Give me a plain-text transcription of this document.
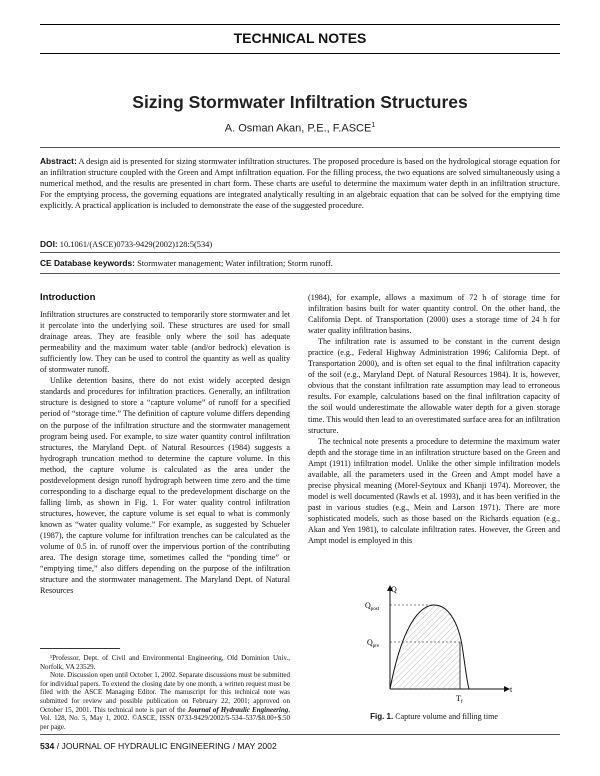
TECHNICAL NOTES
Sizing Stormwater Infiltration Structures
A. Osman Akan, P.E., F.ASCE$^1$
Abstract: A design aid is presented for sizing stormwater infiltration structures. The proposed procedure is based on the hydrological storage equation for an infiltration structure coupled with the Green and Ampt infiltration equation. For the filling process, the two equations are solved simultaneously using a numerical method, and the results are presented in chart form. These charts are useful to determine the maximum water depth in an infiltration structure. For the emptying process, the governing equations are integrated analytically resulting in an algebraic equation that can be solved for the emptying time explicitly. A practical application is included to demonstrate the ease of the suggested procedure.
DOI: 10.1061/(ASCE)0733-9429(2002)128:5(534)
CE Database keywords: Stormwater management; Water infiltration; Storm runoff.
Introduction

Infiltration structures are constructed to temporarily store stormwater and let it percolate into the underlying soil. These structures are used for small drainage areas. They are feasible only where the soil has adequate permeability and the maximum water table (and/or bedrock) elevation is sufficiently low. They can be used to control the quantity as well as quality of stormwater runoff.

Unlike detention basins, there do not exist widely accepted design standards and procedures for infiltration practices. Generally, an infiltration structure is designed to store a “capture volume” of runoff for a specified period of “storage time.” The definition of capture volume differs depending on the purpose of the infiltration structure and the stormwater management program being used. For example, to size water quantity control infiltration structures, the Maryland Dept. of Natural Resources (1984) suggests a hydrograph truncation method to determine the capture volume. In this method, the capture volume is calculated as the area under the postdevelopment design runoff hydrograph between time zero and the time corresponding to a discharge equal to the predevelopment discharge on the falling limb, as shown in Fig. 1. For water quality control infiltration structures, however, the capture volume is set equal to what is commonly known as “water quality volume.” For example, as suggested by Schueler (1987), the capture volume for infiltration trenches can be calculated as the volume of 0.5 in. of runoff over the impervious portion of the contributing area. The design storage time, sometimes called the “ponding time” or “emptying time,” also differs depending on the purpose of the infiltration structure and the stormwater management. The Maryland Dept. of Natural Resources

(1984), for example, allows a maximum of 72 h of storage time for infiltration basins built for water quantity control. On the other hand, the California Dept. of Transportation (2000) uses a storage time of 24 h for water quality infiltration basins.

The infiltration rate is assumed to be constant in the current design practice (e.g., Federal Highway Administration 1996; California Dept. of Transportation 2000), and is often set equal to the final infiltration capacity of the soil (e.g., Maryland Dept. of Natural Resources 1984). It is, however, obvious that the constant infiltration rate assumption may lead to erroneous results. For example, calculations based on the final infiltration capacity of the soil would underestimate the allowable water depth for a given storage time. This would then lead to an overestimated surface area for an infiltration structure.

The technical note presents a procedure to determine the maximum water depth and the storage time in an infiltration structure based on the Green and Ampt (1911) infiltration model. Unlike the other simple infiltration models available, all the parameters used in the Green and Ampt model have a precise physical meaning (Morel-Seytoux and Khanji 1974). Moreover, the model is well documented (Rawls et al. 1993), and it has been verified in the past in various studies (e.g., Mein and Larson 1971). There are more sophisticated models, such as those based on the Richards equation (e.g., Akan and Yen 1981), to calculate infiltration rates. However, the Green and Ampt model is employed in this

¹Professor, Dept. of Civil and Environmental Engineering, Old Dominion Univ., Norfolk, VA 23529.

Note. Discussion open until October 1, 2002. Separate discussions must be submitted for individual papers. To extend the closing date by one month, a written request must be filed with the ASCE Managing Editor. The manuscript for this technical note was submitted for review and possible publication on February 22, 2001; approved on October 15, 2001. This technical note is part of the Journal of Hydraulic Engineering, Vol. 128, No. 5, May 1, 2002. ©ASCE, ISSN 0733-9429/2002/5-534–537/$8.00+$.50 per page.

Q
t
$Q_{post}$
$Q_{pre}$
$T_f$
Fig. 1. Capture volume and filling time
534 / JOURNAL OF HYDRAULIC ENGINEERING / MAY 2002
